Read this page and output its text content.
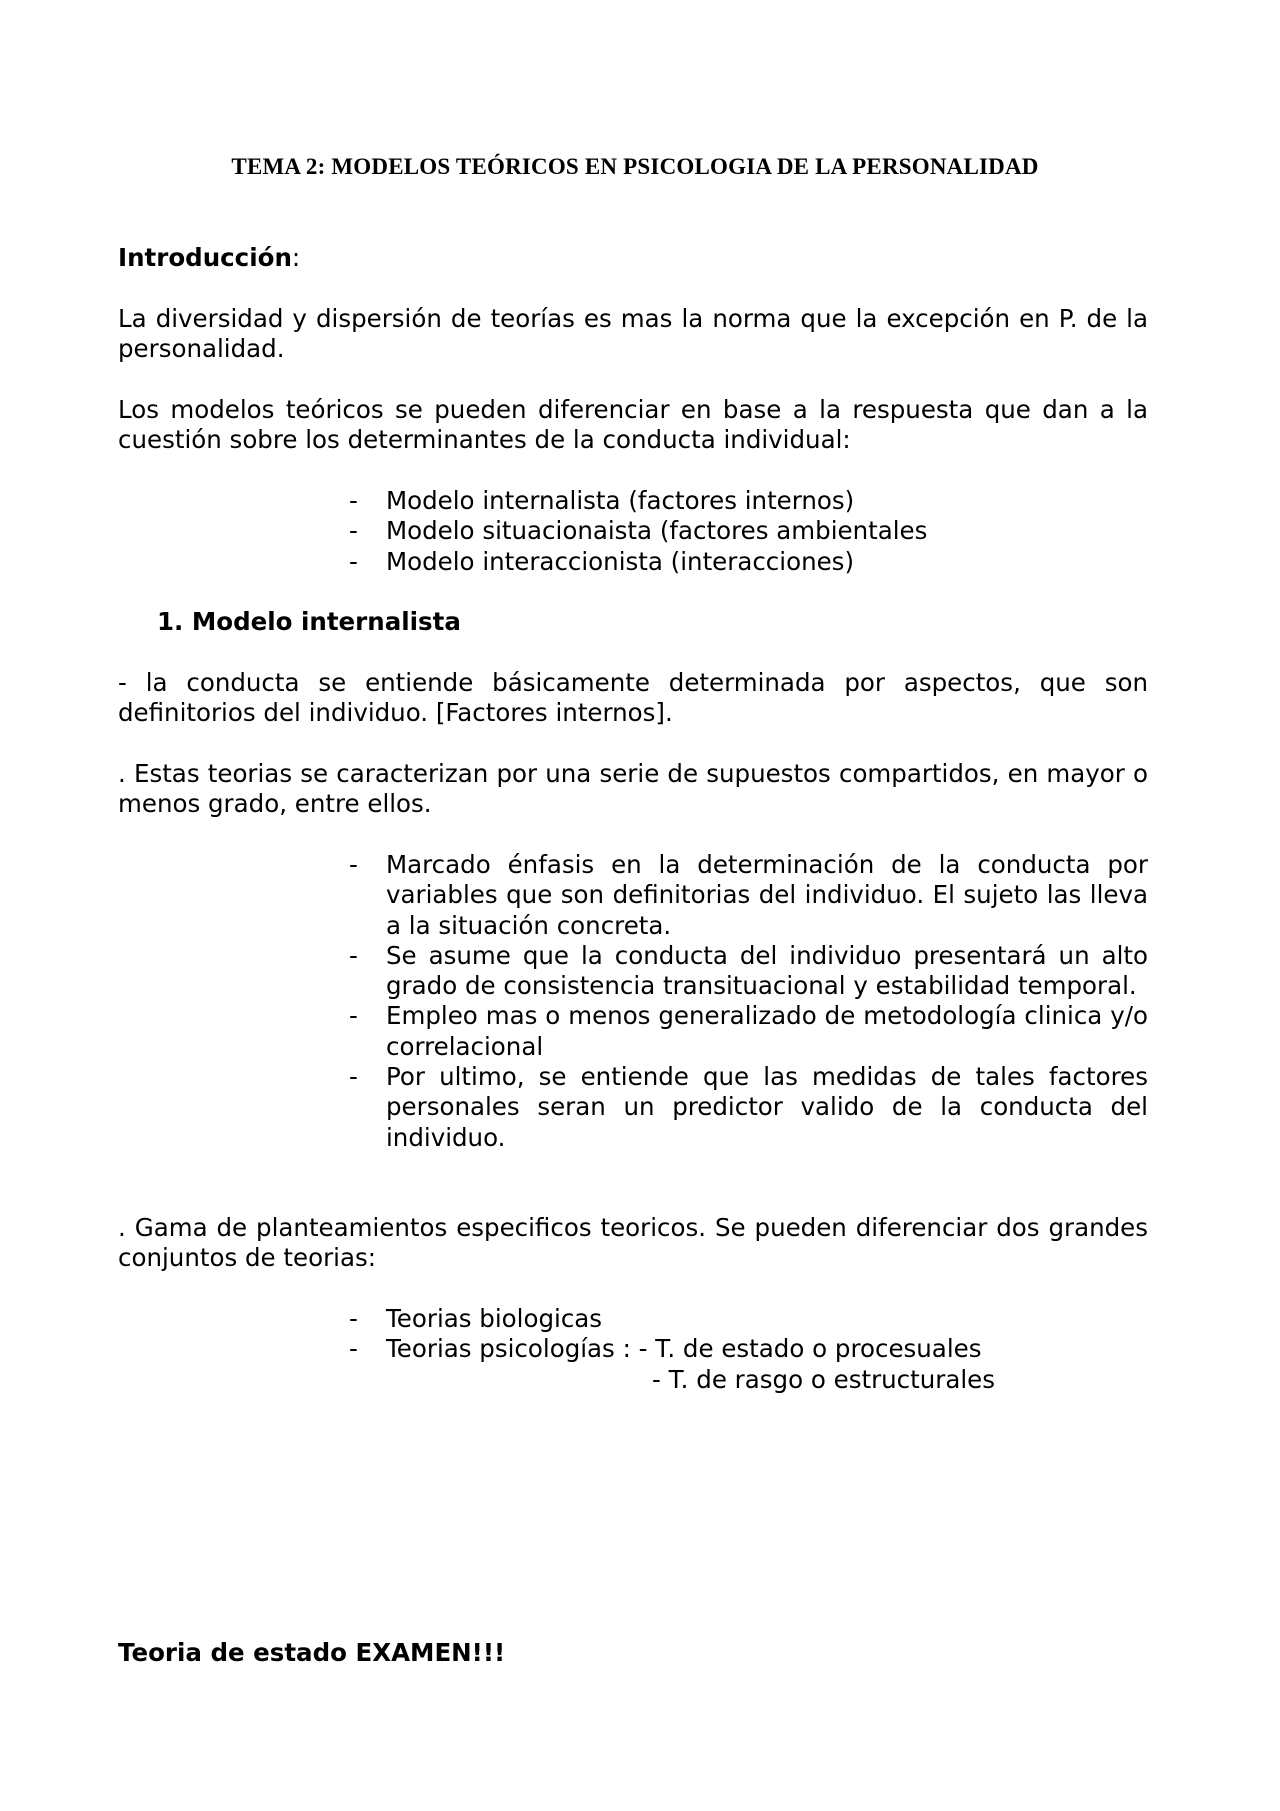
TEMA 2: MODELOS TEÓRICOS EN PSICOLOGIA DE LA PERSONALIDAD
Introducción:
La diversidad y dispersión de teorías es mas la norma que la excepción en P. de la personalidad.
Los modelos teóricos se pueden diferenciar en base a la respuesta que dan a la cuestión sobre los determinantes de la conducta individual:
- Modelo internalista (factores internos)
- Modelo situacionaista (factores ambientales
- Modelo interaccionista (interacciones)
1. Modelo internalista
- la conducta se entiende básicamente determinada por aspectos, que son definitorios del individuo. [Factores internos].
. Estas teorias se caracterizan por una serie de supuestos compartidos, en mayor o menos grado, entre ellos.
- Marcado énfasis en la determinación de la conducta por variables que son definitorias del individuo. El sujeto las lleva a la situación concreta.
- Se asume que la conducta del individuo presentará un alto grado de consistencia transituacional y estabilidad temporal.
- Empleo mas o menos generalizado de metodología clinica y/o correlacional
- Por ultimo, se entiende que las medidas de tales factores personales seran un predictor valido de la conducta del individuo.
. Gama de planteamientos especificos teoricos. Se pueden diferenciar dos grandes conjuntos de teorias:
- Teorias biologicas
- Teorias psicologías : - T. de estado o procesuales
- T. de rasgo o estructurales
Teoria de estado EXAMEN!!!
